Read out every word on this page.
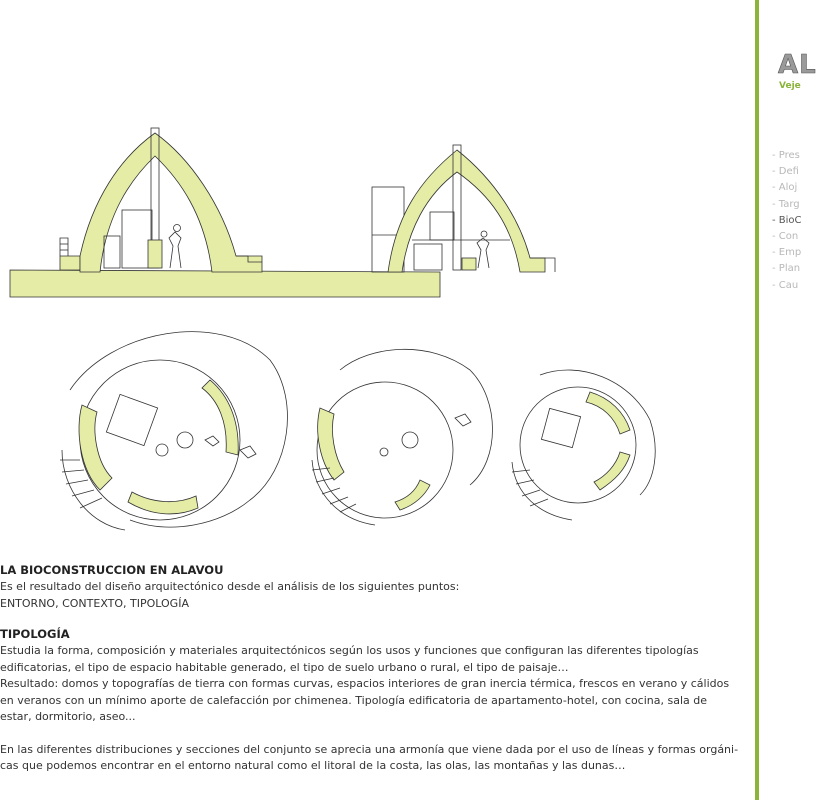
AL
Veje
- Pres
- Defi
- Aloj
- Targ
- BioC
- Con
- Emp
- Plan
- Cau
LA BIOCONSTRUCCION EN ALAVOU

Es el resultado del diseño arquitectónico desde el análisis de los siguientes puntos:

ENTORNO, CONTEXTO, TIPOLOGÍA

TIPOLOGÍA

Estudia la forma, composición y materiales arquitectónicos según los usos y funciones que configuran las diferentes tipologías

edificatorias, el tipo de espacio habitable generado, el tipo de suelo urbano o rural, el tipo de paisaje…

Resultado: domos y topografías de tierra con formas curvas, espacios interiores de gran inercia térmica, frescos en verano y cálidos

en veranos con un mínimo aporte de calefacción por chimenea. Tipología edificatoria de apartamento-hotel, con cocina, sala de

estar, dormitorio, aseo...

En las diferentes distribuciones y secciones del conjunto se aprecia una armonía que viene dada por el uso de líneas y formas orgáni-

cas que podemos encontrar en el entorno natural como el litoral de la costa, las olas, las montañas y las dunas…
